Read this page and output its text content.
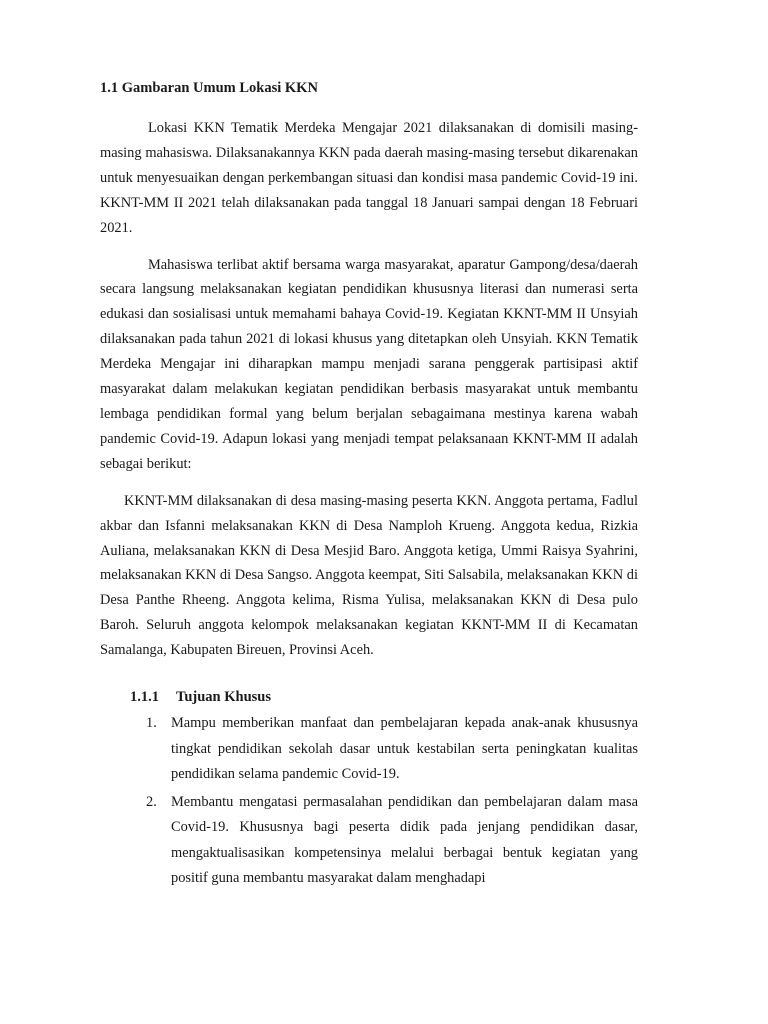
1.1 Gambaran Umum Lokasi KKN

Lokasi KKN Tematik Merdeka Mengajar 2021 dilaksanakan di domisili masing-masing mahasiswa. Dilaksanakannya KKN pada daerah masing-masing tersebut dikarenakan untuk menyesuaikan dengan perkembangan situasi dan kondisi masa pandemic Covid-19 ini. KKNT-MM II 2021 telah dilaksanakan pada tanggal 18 Januari sampai dengan 18 Februari 2021.

Mahasiswa terlibat aktif bersama warga masyarakat, aparatur Gampong/desa/daerah secara langsung melaksanakan kegiatan pendidikan khususnya literasi dan numerasi serta edukasi dan sosialisasi untuk memahami bahaya Covid-19. Kegiatan KKNT-MM II Unsyiah dilaksanakan pada tahun 2021 di lokasi khusus yang ditetapkan oleh Unsyiah. KKN Tematik Merdeka Mengajar ini diharapkan mampu menjadi sarana penggerak partisipasi aktif masyarakat dalam melakukan kegiatan pendidikan berbasis masyarakat untuk membantu lembaga pendidikan formal yang belum berjalan sebagaimana mestinya karena wabah pandemic Covid-19. Adapun lokasi yang menjadi tempat pelaksanaan KKNT-MM II adalah sebagai berikut:

KKNT-MM dilaksanakan di desa masing-masing peserta KKN. Anggota pertama, Fadlul akbar dan Isfanni melaksanakan KKN di Desa Namploh Krueng. Anggota kedua, Rizkia Auliana, melaksanakan KKN di Desa Mesjid Baro. Anggota ketiga, Ummi Raisya Syahrini, melaksanakan KKN di Desa Sangso. Anggota keempat, Siti Salsabila, melaksanakan KKN di Desa Panthe Rheeng. Anggota kelima, Risma Yulisa, melaksanakan KKN di Desa pulo Baroh. Seluruh anggota kelompok melaksanakan kegiatan KKNT-MM II di Kecamatan Samalanga, Kabupaten Bireuen, Provinsi Aceh.

1.1.1 Tujuan Khusus
1. Mampu memberikan manfaat dan pembelajaran kepada anak-anak khususnya tingkat pendidikan sekolah dasar untuk kestabilan serta peningkatan kualitas pendidikan selama pandemic Covid-19.
2. Membantu mengatasi permasalahan pendidikan dan pembelajaran dalam masa Covid-19. Khususnya bagi peserta didik pada jenjang pendidikan dasar, mengaktualisasikan kompetensinya melalui berbagai bentuk kegiatan yang positif guna membantu masyarakat dalam menghadapi
